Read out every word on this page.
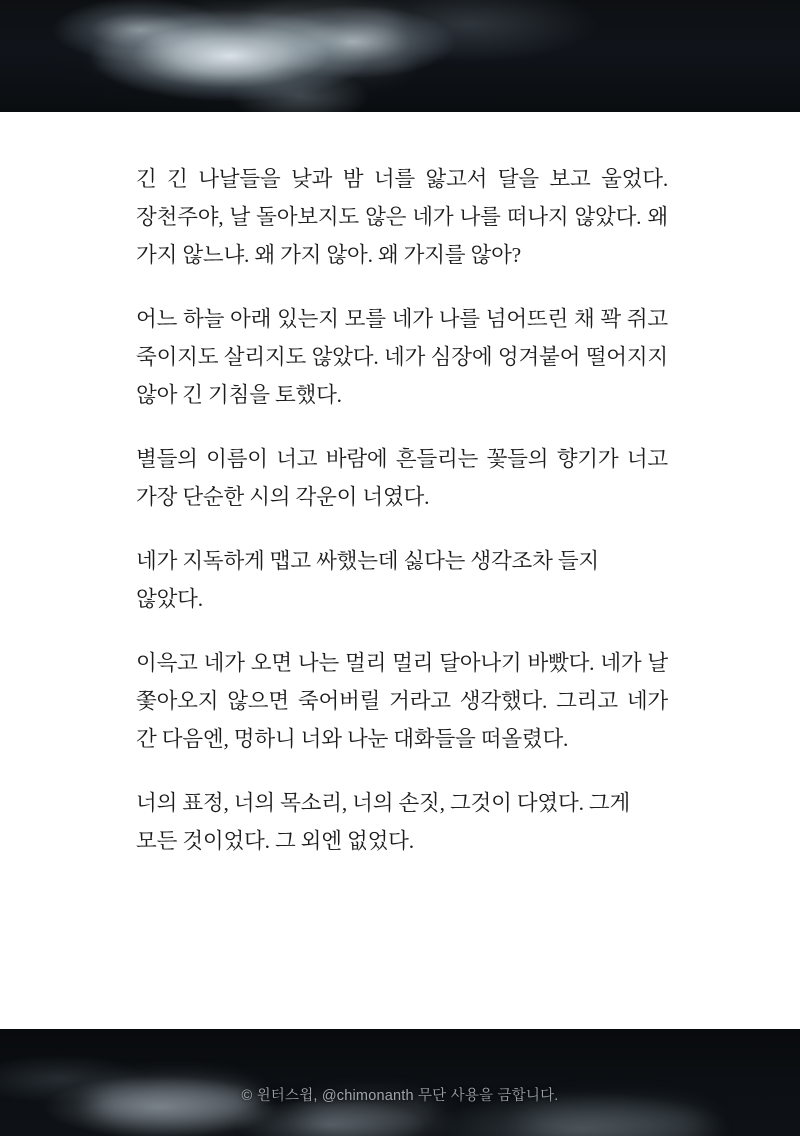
긴 긴 나날들을 낮과 밤 너를 앓고서 달을 보고 울었다. 장천주야, 날 돌아보지도 않은 네가 나를 떠나지 않았다. 왜 가지 않느냐. 왜 가지 않아. 왜 가지를 않아?

어느 하늘 아래 있는지 모를 네가 나를 넘어뜨린 채 꽉 쥐고 죽이지도 살리지도 않았다. 네가 심장에 엉겨붙어 떨어지지 않아 긴 기침을 토했다.

별들의 이름이 너고 바람에 흔들리는 꽃들의 향기가 너고 가장 단순한 시의 각운이 너였다.

네가 지독하게 맵고 싸했는데 싫다는 생각조차 들지 않았다.

이윽고 네가 오면 나는 멀리 멀리 달아나기 바빴다. 네가 날 쫓아오지 않으면 죽어버릴 거라고 생각했다. 그리고 네가 간 다음엔, 멍하니 너와 나눈 대화들을 떠올렸다.

너의 표정, 너의 목소리, 너의 손짓, 그것이 다였다. 그게 모든 것이었다. 그 외엔 없었다.

© 윈터스윕, @chimonanth 무단 사용을 금합니다.
